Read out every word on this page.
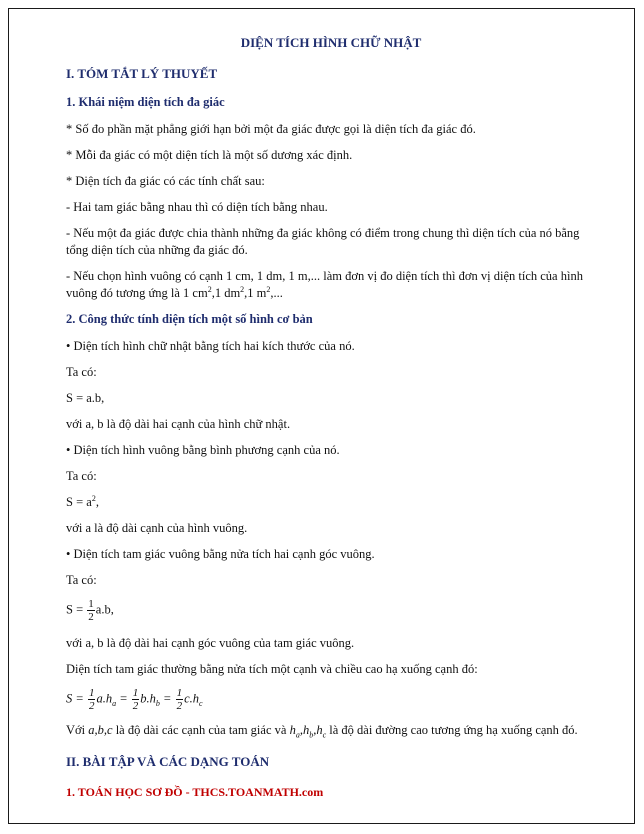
DIỆN TÍCH HÌNH CHỮ NHẬT
I. TÓM TẮT LÝ THUYẾT
1. Khái niệm diện tích đa giác
* Số đo phần mặt phẳng giới hạn bởi một đa giác được gọi là diện tích đa giác đó.
* Mỗi đa giác có một diện tích là một số dương xác định.
* Diện tích đa giác có các tính chất sau:
- Hai tam giác bằng nhau thì có diện tích bằng nhau.
- Nếu một đa giác được chia thành những đa giác không có điểm trong chung thì diện tích của nó bằng tổng diện tích của những đa giác đó.
- Nếu chọn hình vuông có cạnh 1 cm, 1 dm, 1 m,... làm đơn vị đo diện tích thì đơn vị diện tích của hình vuông đó tương ứng là 1 $cm^2,1$ $dm^2,1$ $m^2$,...
2. Công thức tính diện tích một số hình cơ bản
• Diện tích hình chữ nhật bằng tích hai kích thước của nó.
Ta có:
S = a.b,
với a, b là độ dài hai cạnh của hình chữ nhật.
• Diện tích hình vuông bằng bình phương cạnh của nó.
Ta có:
$S = a^2$,
với a là độ dài cạnh của hình vuông.
• Diện tích tam giác vuông bằng nửa tích hai cạnh góc vuông.
Ta có:
$S = \frac{1}{2} a.b$,
với a, b là độ dài hai cạnh góc vuông của tam giác vuông.
Diện tích tam giác thường bằng nửa tích một cạnh và chiều cao hạ xuống cạnh đó:
$S = \frac{1}{2} a.h_a = \frac{1}{2} b.h_b = \frac{1}{2} c.h_c$
Với a,b,c là độ dài các cạnh của tam giác và $h_a,h_b,h_c$ là độ dài đường cao tương ứng hạ xuống cạnh đó.
II. BÀI TẬP VÀ CÁC DẠNG TOÁN
1. TOÁN HỌC SƠ ĐỒ - THCS.TOANMATH.com
